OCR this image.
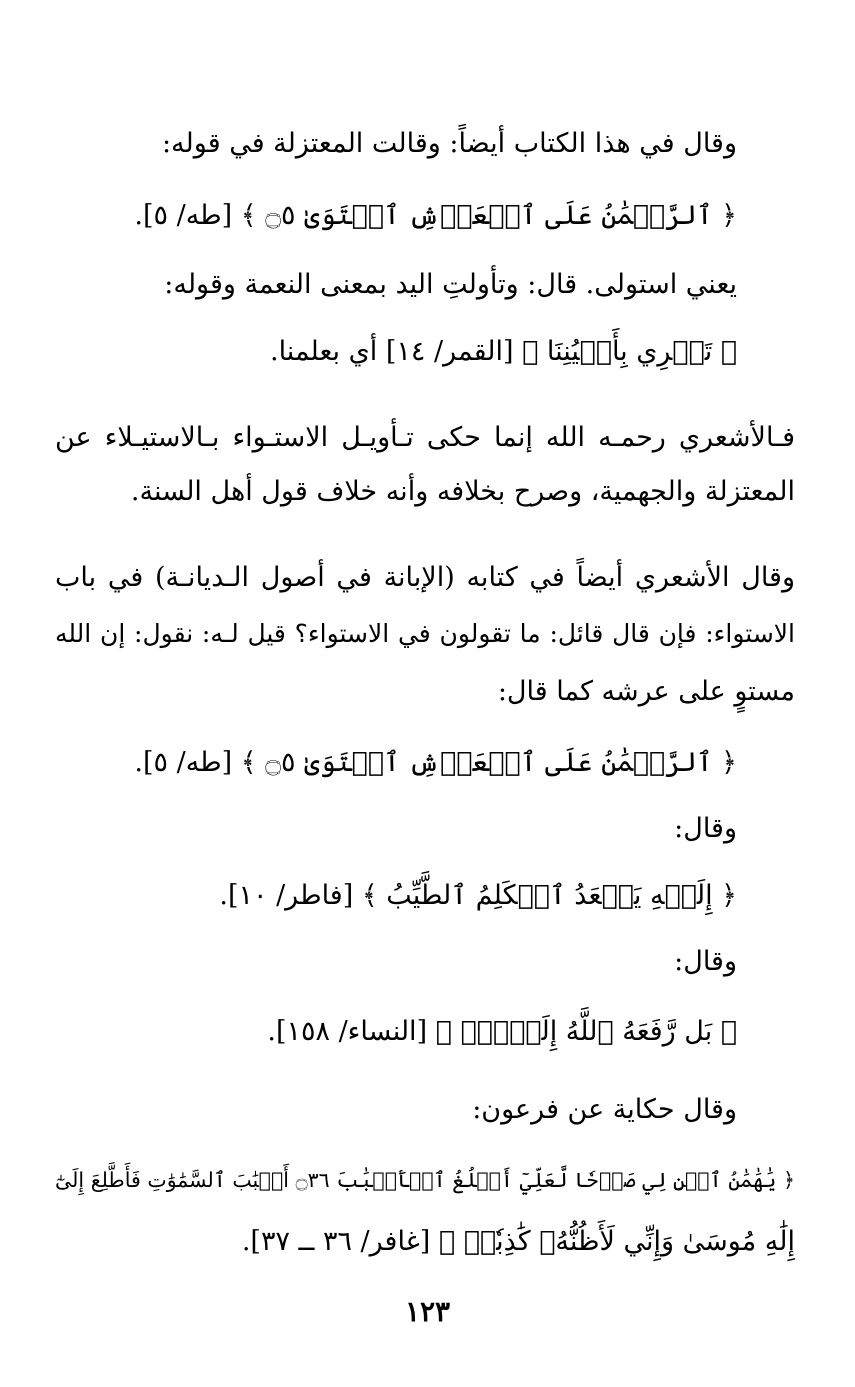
وقال في هذا الكتاب أيضاً: وقالت المعتزلة في قوله:
﴿ ٱلرَّحۡمَٰنُ عَلَى ٱلۡعَرۡشِ ٱسۡتَوَىٰ ۝٥ ﴾ [طه/ ٥].
يعني استولى. قال: وتأولتِ اليد بمعنى النعمة وقوله:
﴿ تَجۡرِي بِأَعۡيُنِنَا ﴾ [القمر/ ١٤] أي بعلمنا.
فـالأشعري رحمـه الله إنما حكى تـأويـل الاستـواء بـالاستيـلاء عن
المعتزلة والجهمية، وصرح بخلافه وأنه خلاف قول أهل السنة.
وقال الأشعري أيضاً في كتابه (الإبانة في أصول الـديانـة) في باب
الاستواء: فإن قال قائل: ما تقولون في الاستواء؟ قيل لـه: نقول: إن الله
مستوٍ على عرشه كما قال:
﴿ ٱلرَّحۡمَٰنُ عَلَى ٱلۡعَرۡشِ ٱسۡتَوَىٰ ۝٥ ﴾ [طه/ ٥].
وقال:
﴿ إِلَيۡهِ يَصۡعَدُ ٱلۡكَلِمُ ٱلطَّيِّبُ ﴾ [فاطر/ ١٠].
وقال:
﴿ بَل رَّفَعَهُ ٱللَّهُ إِلَيۡهِۚ ﴾ [النساء/ ١٥٨].
وقال حكاية عن فرعون:
﴿ يَٰهَٰمَٰنُ ٱبۡنِ لِي صَرۡحٗا لَّعَلِّيٓ أَبۡلُغُ ٱلۡأَسۡبَٰبَ ۝٣٦ أَسۡبَٰبَ ٱلسَّمَٰوَٰتِ فَأَطَّلِعَ إِلَىٰٓ
إِلَٰهِ مُوسَىٰ وَإِنِّي لَأَظُنُّهُۥ كَٰذِبٗاۚ ﴾ [غافر/ ٣٦ ــ ٣٧].
١٢٣
